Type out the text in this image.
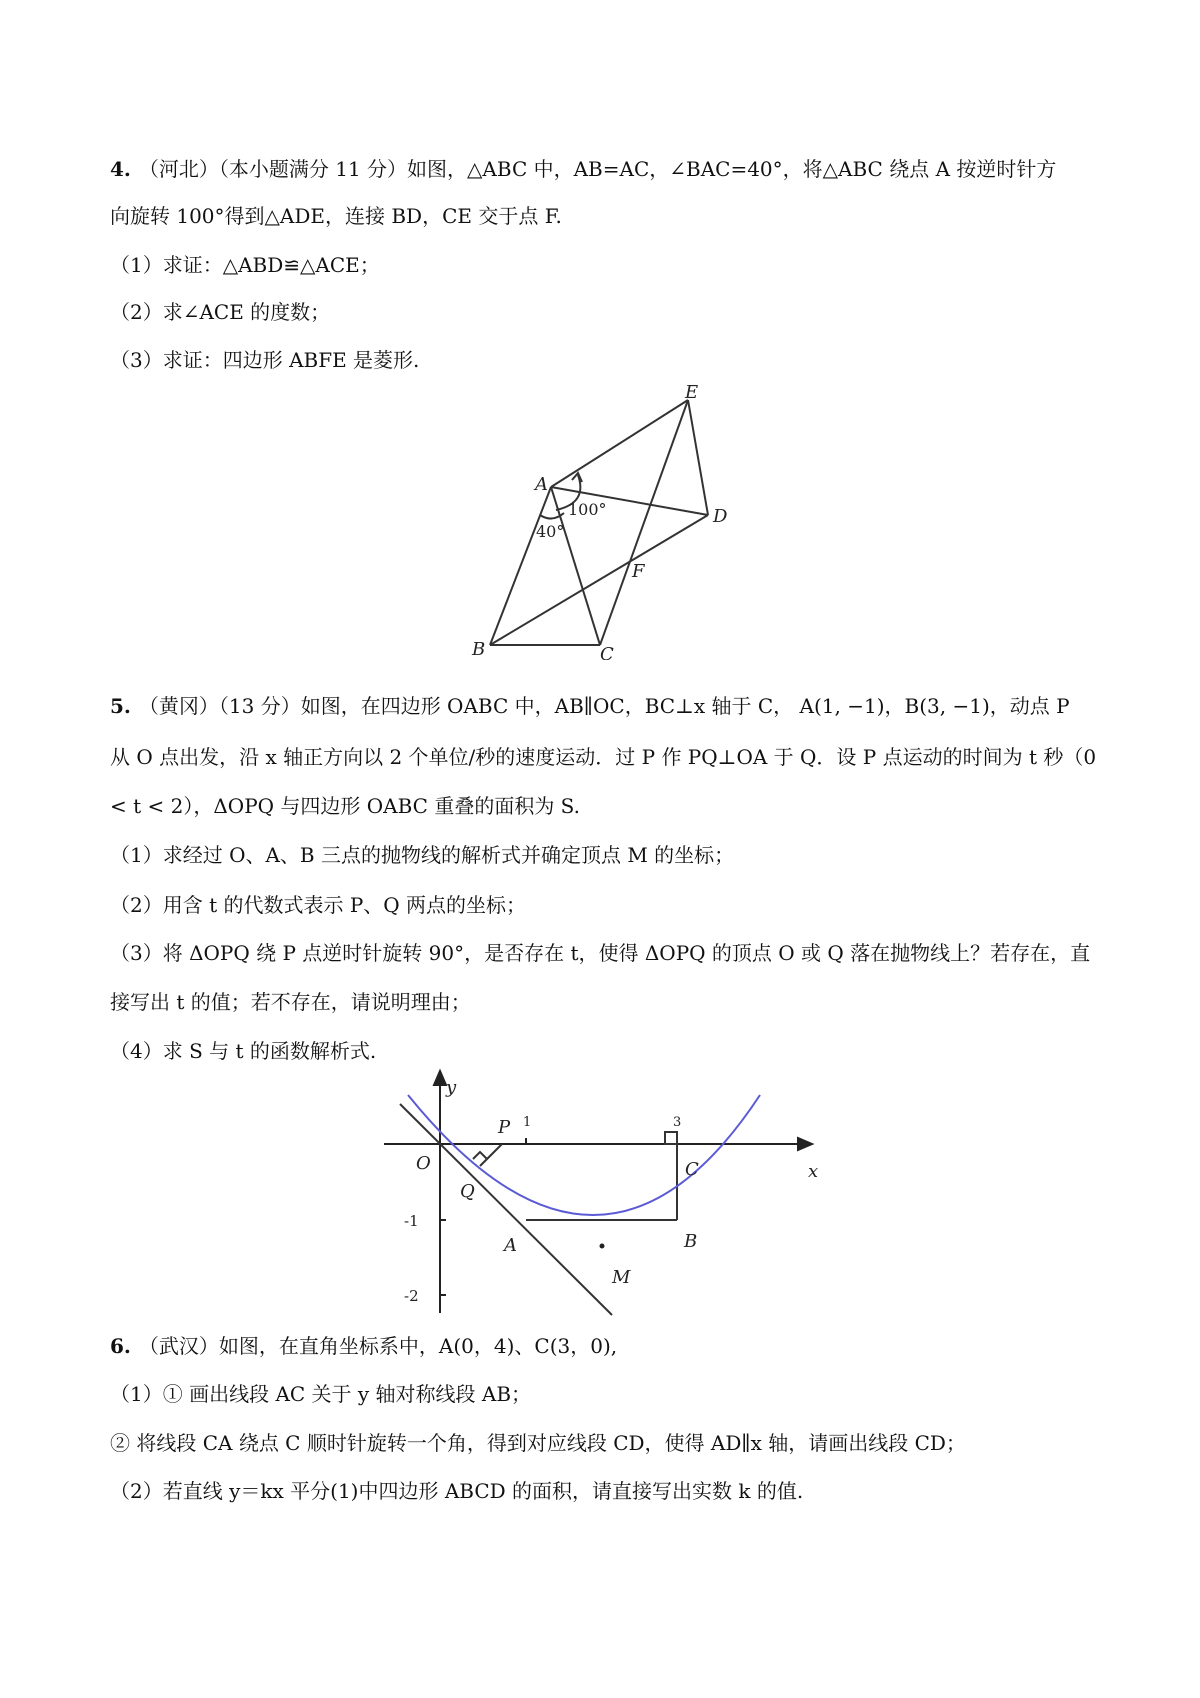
4. （河北）（本小题满分 11 分）如图，△ABC 中，AB=AC，∠BAC=40°，将△ABC 绕点 A 按逆时针方
向旋转 100°得到△ADE，连接 BD，CE 交于点 F.
（1）求证：△ABD≌△ACE；
（2）求∠ACE 的度数；
（3）求证：四边形 ABFE 是菱形.
A
B	C
D
E
F
40°
100°
5. （黄冈）（13 分）如图，在四边形 OABC 中，AB∥OC，BC⊥x 轴于 C， A(1, −1)，B(3, −1)，动点 P
从 O 点出发，沿 x 轴正方向以 2 个单位/秒的速度运动．过 P 作 PQ⊥OA 于 Q．设 P 点运动的时间为 t 秒（0
< t < 2），ΔOPQ 与四边形 OABC 重叠的面积为 S.
（1）求经过 O、A、B 三点的抛物线的解析式并确定顶点 M 的坐标；
（2）用含 t 的代数式表示 P、Q 两点的坐标；
（3）将 ΔOPQ 绕 P 点逆时针旋转 90°，是否存在 t，使得 ΔOPQ 的顶点 O 或 Q 落在抛物线上？若存在，直
接写出 t 的值；若不存在，请说明理由；
（4）求 S 与 t 的函数解析式.
y
x
O
P
Q
A	B
C
M
1	3
-1
-2
6. （武汉）如图，在直角坐标系中，A(0，4)、C(3，0),
（1）① 画出线段 AC 关于 y 轴对称线段 AB；
② 将线段 CA 绕点 C 顺时针旋转一个角，得到对应线段 CD，使得 AD∥x 轴，请画出线段 CD；
（2）若直线 y＝kx 平分(1)中四边形 ABCD 的面积，请直接写出实数 k 的值.
